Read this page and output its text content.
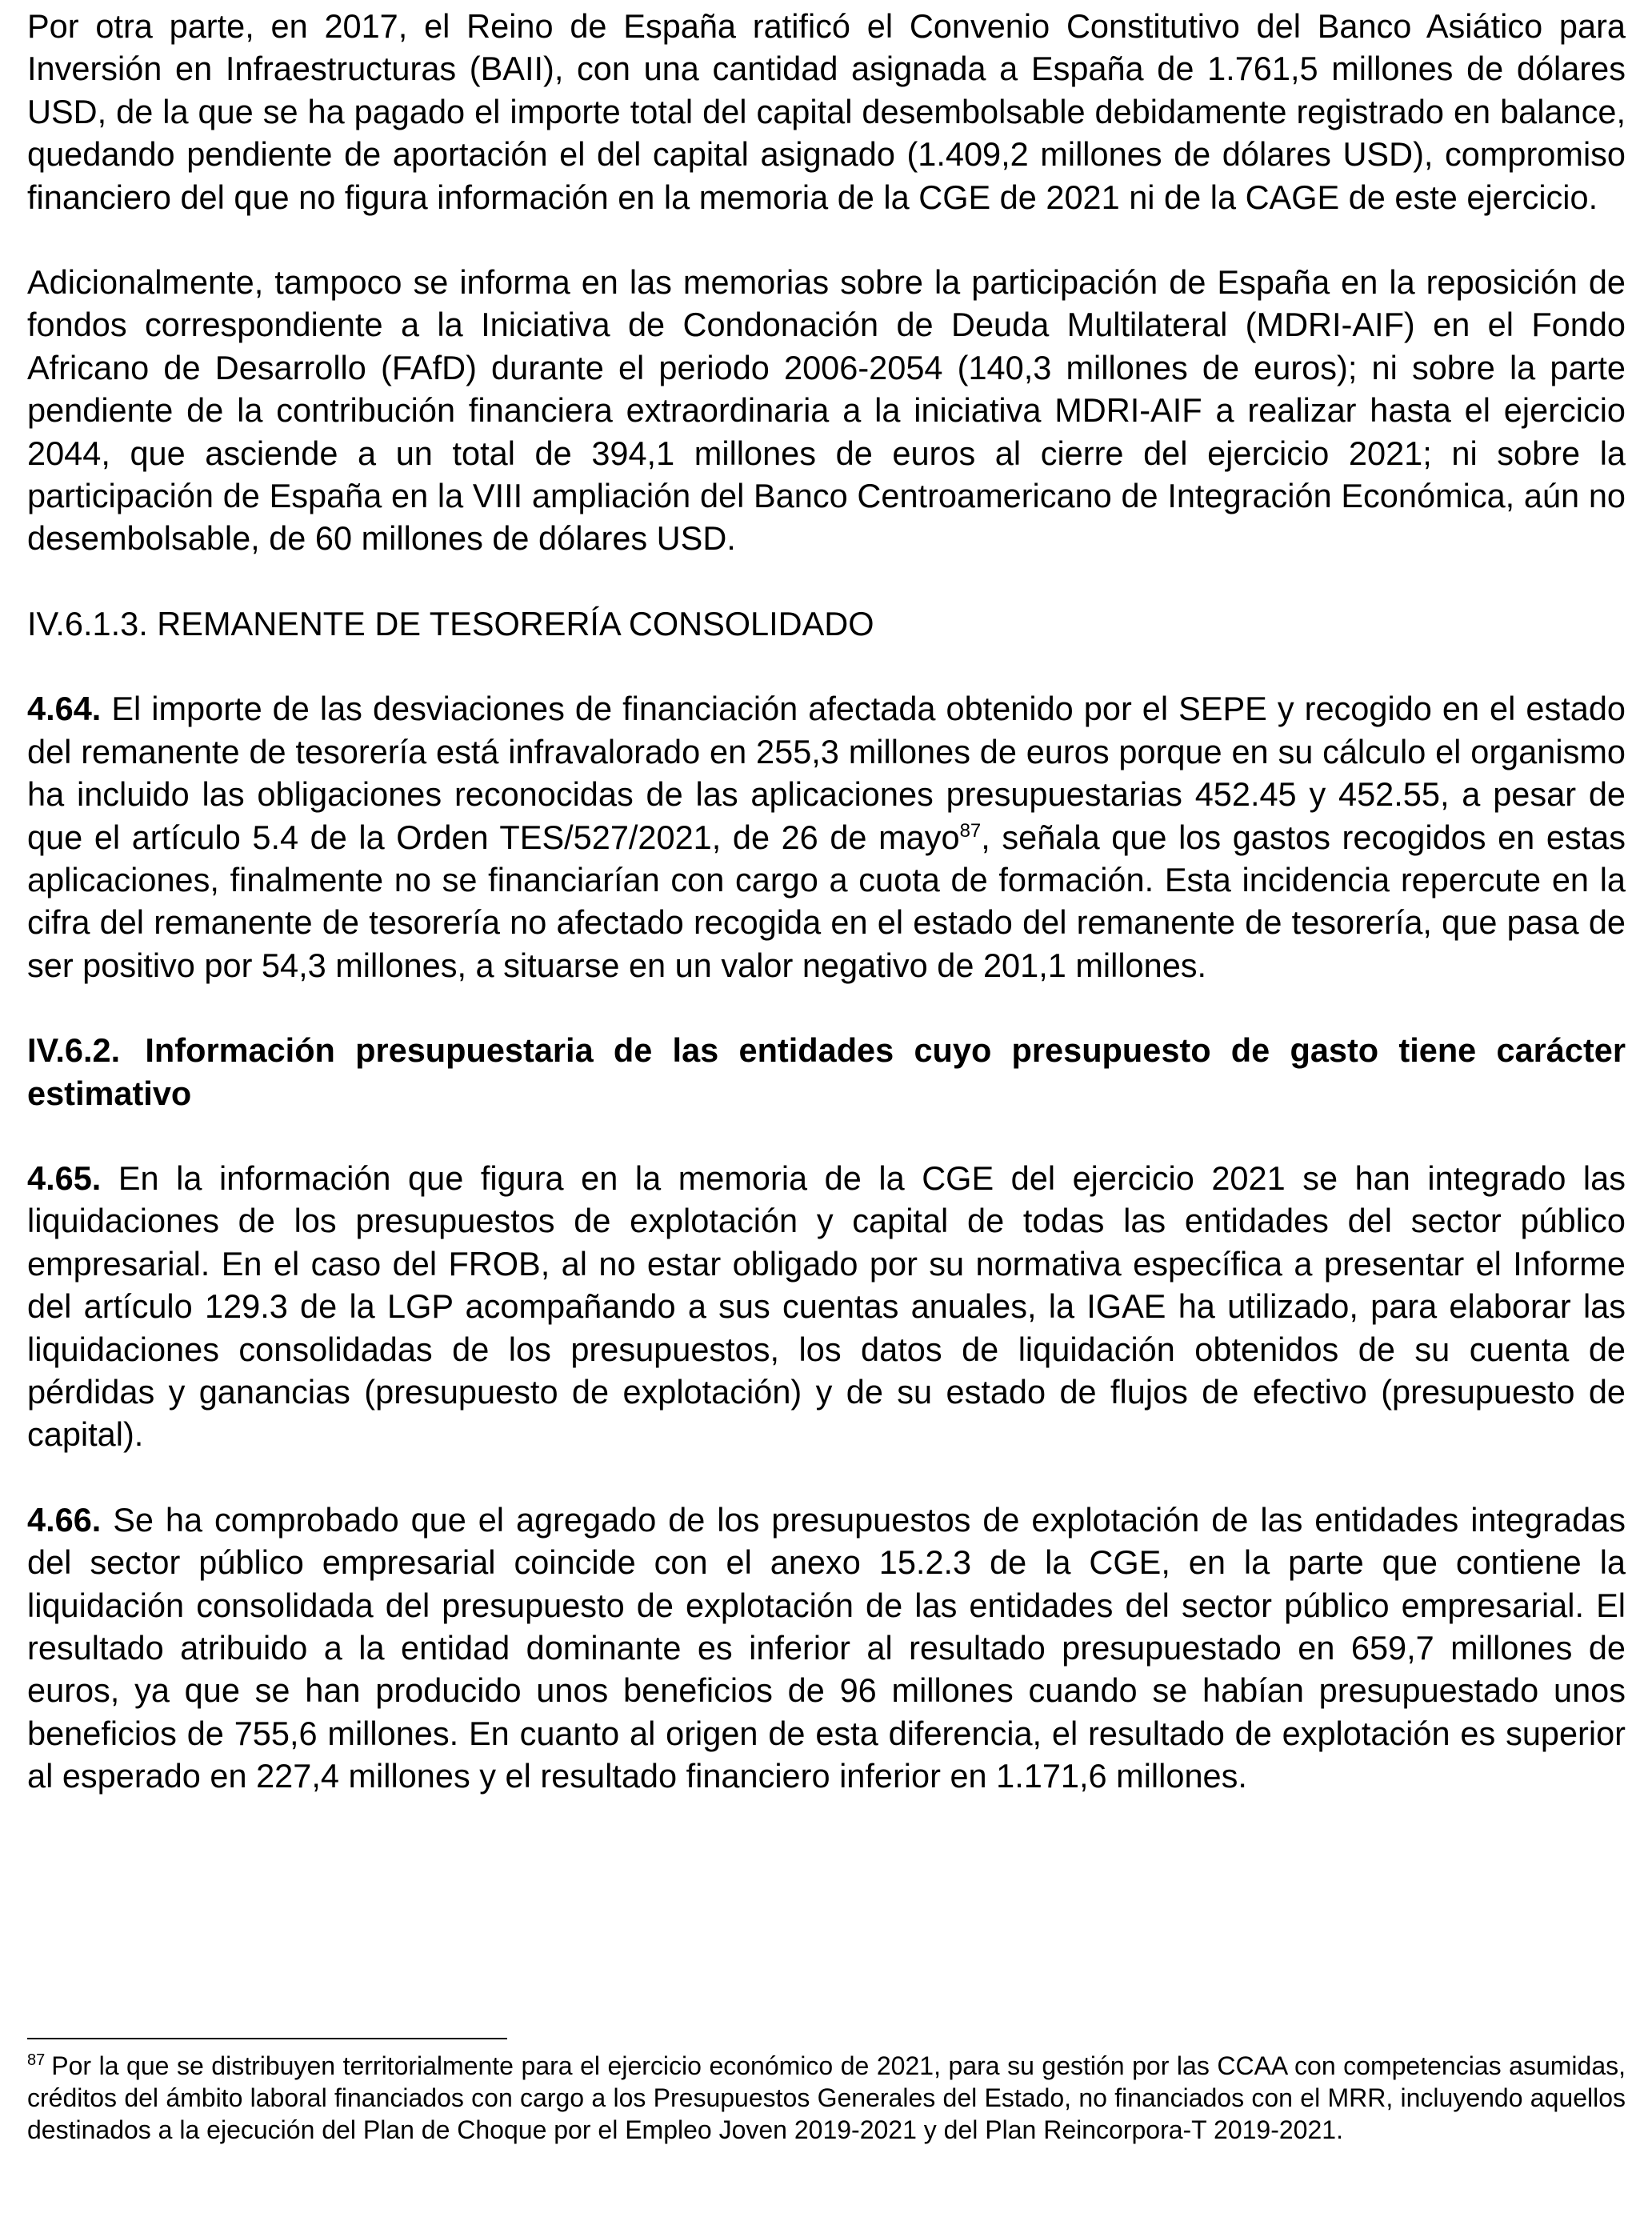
Por otra parte, en 2017, el Reino de España ratificó el Convenio Constitutivo del Banco Asiático para Inversión en Infraestructuras (BAII), con una cantidad asignada a España de 1.761,5 millones de dólares USD, de la que se ha pagado el importe total del capital desembolsable debidamente registrado en balance, quedando pendiente de aportación el del capital asignado (1.409,2 millones de dólares USD), compromiso financiero del que no figura información en la memoria de la CGE de 2021 ni de la CAGE de este ejercicio.

Adicionalmente, tampoco se informa en las memorias sobre la participación de España en la reposición de fondos correspondiente a la Iniciativa de Condonación de Deuda Multilateral (MDRI-AIF) en el Fondo Africano de Desarrollo (FAfD) durante el periodo 2006-2054 (140,3 millones de euros); ni sobre la parte pendiente de la contribución financiera extraordinaria a la iniciativa MDRI-AIF a realizar hasta el ejercicio 2044, que asciende a un total de 394,1 millones de euros al cierre del ejercicio 2021; ni sobre la participación de España en la VIII ampliación del Banco Centroamericano de Integración Económica, aún no desembolsable, de 60 millones de dólares USD.

IV.6.1.3. REMANENTE DE TESORERÍA CONSOLIDADO

4.64. El importe de las desviaciones de financiación afectada obtenido por el SEPE y recogido en el estado del remanente de tesorería está infravalorado en 255,3 millones de euros porque en su cálculo el organismo ha incluido las obligaciones reconocidas de las aplicaciones presupuestarias 452.45 y 452.55, a pesar de que el artículo 5.4 de la Orden TES/527/2021, de 26 de mayo$^{87}$, señala que los gastos recogidos en estas aplicaciones, finalmente no se financiarían con cargo a cuota de formación. Esta incidencia repercute en la cifra del remanente de tesorería no afectado recogida en el estado del remanente de tesorería, que pasa de ser positivo por 54,3 millones, a situarse en un valor negativo de 201,1 millones.

IV.6.2. Información presupuestaria de las entidades cuyo presupuesto de gasto tiene carácter estimativo

4.65. En la información que figura en la memoria de la CGE del ejercicio 2021 se han integrado las liquidaciones de los presupuestos de explotación y capital de todas las entidades del sector público empresarial. En el caso del FROB, al no estar obligado por su normativa específica a presentar el Informe del artículo 129.3 de la LGP acompañando a sus cuentas anuales, la IGAE ha utilizado, para elaborar las liquidaciones consolidadas de los presupuestos, los datos de liquidación obtenidos de su cuenta de pérdidas y ganancias (presupuesto de explotación) y de su estado de flujos de efectivo (presupuesto de capital).

4.66. Se ha comprobado que el agregado de los presupuestos de explotación de las entidades integradas del sector público empresarial coincide con el anexo 15.2.3 de la CGE, en la parte que contiene la liquidación consolidada del presupuesto de explotación de las entidades del sector público empresarial. El resultado atribuido a la entidad dominante es inferior al resultado presupuestado en 659,7 millones de euros, ya que se han producido unos beneficios de 96 millones cuando se habían presupuestado unos beneficios de 755,6 millones. En cuanto al origen de esta diferencia, el resultado de explotación es superior al esperado en 227,4 millones y el resultado financiero inferior en 1.171,6 millones.

$^{87}$ Por la que se distribuyen territorialmente para el ejercicio económico de 2021, para su gestión por las CCAA con competencias asumidas, créditos del ámbito laboral financiados con cargo a los Presupuestos Generales del Estado, no financiados con el MRR, incluyendo aquellos destinados a la ejecución del Plan de Choque por el Empleo Joven 2019-2021 y del Plan Reincorpora-T 2019-2021.
